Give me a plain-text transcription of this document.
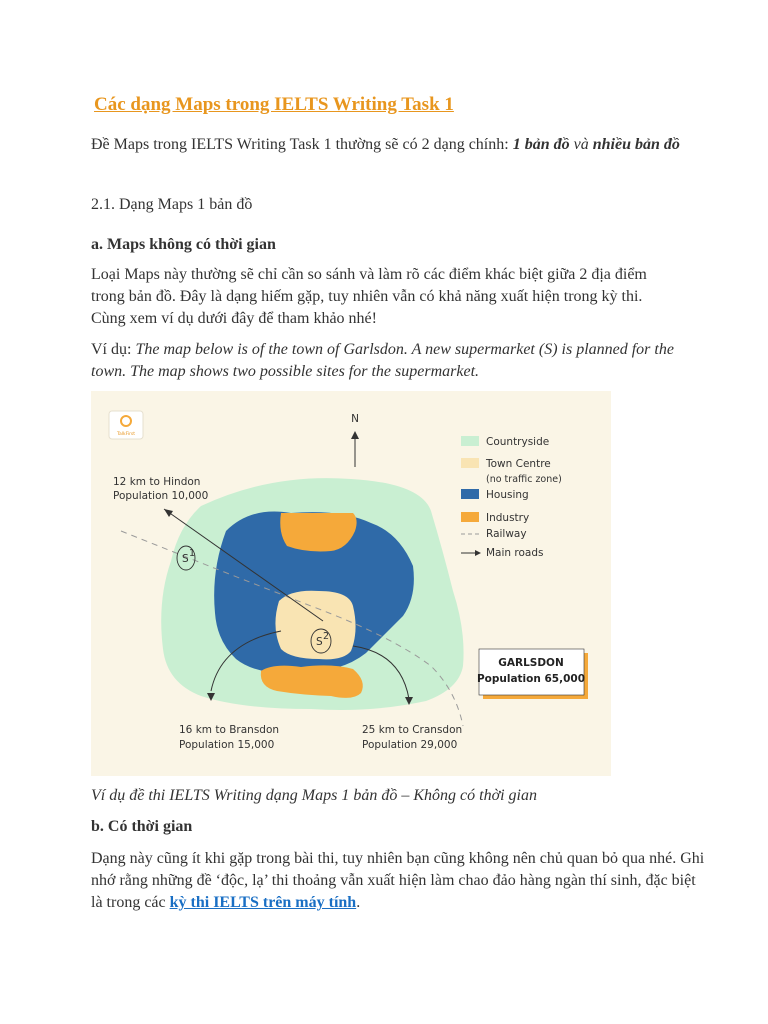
Các dạng Maps trong IELTS Writing Task 1

Đề Maps trong IELTS Writing Task 1 thường sẽ có 2 dạng chính: 1 bản đồ và nhiều bản đồ

2.1. Dạng Maps 1 bản đồ

a. Maps không có thời gian

Loại Maps này thường sẽ chỉ cần so sánh và làm rõ các điểm khác biệt giữa 2 địa điểm trong bản đồ. Đây là dạng hiếm gặp, tuy nhiên vẫn có khả năng xuất hiện trong kỳ thi. Cùng xem ví dụ dưới đây để tham khảo nhé!

Ví dụ: The map below is of the town of Garlsdon. A new supermarket (S) is planned for the town. The map shows two possible sites for the supermarket.

TalkFirst
S 1
S 2
N
12 km to Hindon
Population 10,000
16 km to Bransdon
Population 15,000
25 km to Cransdon
Population 29,000
Countryside
Town Centre
(no traffic zone)
Housing
Industry
Railway
Main roads
GARLSDON
Population 65,000

Ví dụ đề thi IELTS Writing dạng Maps 1 bản đồ – Không có thời gian

b. Có thời gian

Dạng này cũng ít khi gặp trong bài thi, tuy nhiên bạn cũng không nên chủ quan bỏ qua nhé. Ghi nhớ rằng những đề ‘độc, lạ’ thi thoảng vẫn xuất hiện làm chao đảo hàng ngàn thí sinh, đặc biệt là trong các kỳ thi IELTS trên máy tính.
